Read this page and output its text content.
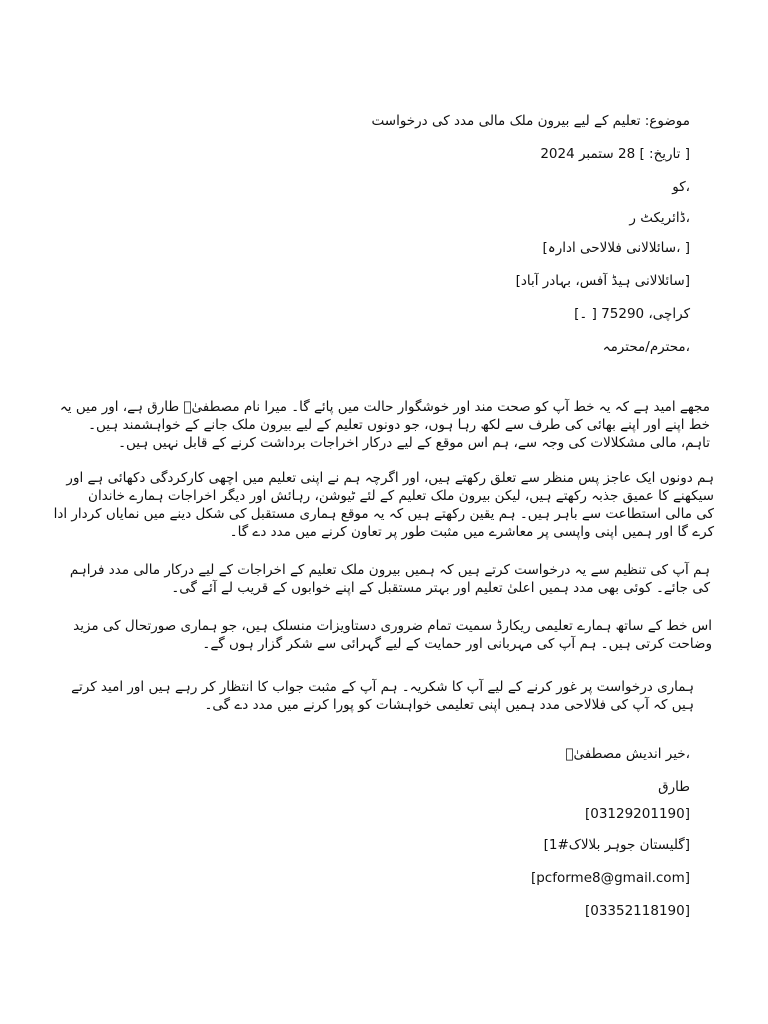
موضوع: تعلیم کے لیے بیرون ملک مالی مدد کی درخواست
[ تاریخ: ] 28 ستمبر 2024
،کو
،ڈائریکٹ ر
[ ،سائلالانی فلالاحی ادارہ]
[سائلالانی ہیڈ آفس، بہادر آباد]
کراچی، 75290 [ ۔]
،محترم/محترمہ
مجھے امید ہے کہ یہ خط آپ کو صحت مند اور خوشگوار حالت میں پائے گا۔ میرا نام مصطفیٰؒ طارق ہے، اور میں یہ
خط اپنے اور اپنے بھائی کی طرف سے لکھ رہا ہوں، جو دونوں تعلیم کے لیے بیرون ملک جانے کے خواہشمند ہیں۔
تاہم، مالی مشکلالات کی وجہ سے، ہم اس موقع کے لیے درکار اخراجات برداشت کرنے کے قابل نہیں ہیں۔
ہم دونوں ایک عاجز پس منظر سے تعلق رکھتے ہیں، اور اگرچہ ہم نے اپنی تعلیم میں اچھی کارکردگی دکھائی ہے اور
سیکھنے کا عمیق جذبہ رکھتے ہیں، لیکن بیرون ملک تعلیم کے لئے ٹیوشن، رہائش اور دیگر اخراجات ہمارے خاندان
کی مالی استطاعت سے باہر ہیں۔ ہم یقین رکھتے ہیں کہ یہ موقع ہماری مستقبل کی شکل دینے میں نمایاں کردار ادا
کرے گا اور ہمیں اپنی واپسی پر معاشرے میں مثبت طور پر تعاون کرنے میں مدد دے گا۔
ہم آپ کی تنظیم سے یہ درخواست کرتے ہیں کہ ہمیں بیرون ملک تعلیم کے اخراجات کے لیے درکار مالی مدد فراہم
کی جائے۔ کوئی بھی مدد ہمیں اعلیٰ تعلیم اور بہتر مستقبل کے اپنے خوابوں کے قریب لے آئے گی۔
اس خط کے ساتھ ہمارے تعلیمی ریکارڈ سمیت تمام ضروری دستاویزات منسلک ہیں، جو ہماری صورتحال کی مزید
وضاحت کرتی ہیں۔ ہم آپ کی مہربانی اور حمایت کے لیے گہرائی سے شکر گزار ہوں گے۔
ہماری درخواست پر غور کرنے کے لیے آپ کا شکریہ۔ ہم آپ کے مثبت جواب کا انتظار کر رہے ہیں اور امید کرتے
ہیں کہ آپ کی فلالاحی مدد ہمیں اپنی تعلیمی خواہشات کو پورا کرنے میں مدد دے گی۔
،خیر اندیش مصطفیٰؒ
طارق
[03129201190]
[گلیستان جوہر بلالاک#1]
[pcforme8@gmail.com]
[03352118190]
